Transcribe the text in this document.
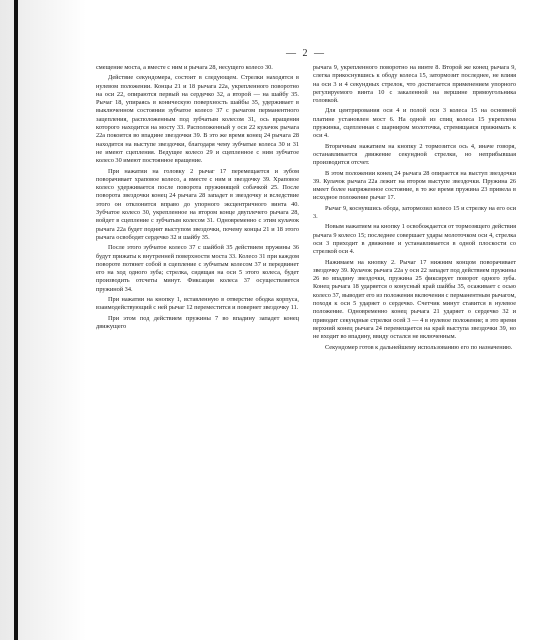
— 2 —

смещение моста, а вместе с ним и рычага 28, несущего колесо 30.

Действие секундомера, состоит в следующем. Стрелки находятся в нулевом положении. Концы 21 и 18 рычага 22а, укрепленного поворотно на оси 22, опираются первый на сердечко 32, а второй — на шайбу 35. Рычаг 18, упираясь в коническую поверхность шайбы 35, удерживает в выключенном состоянии зубчатое колесо 37 с рычагом перманентного зацепления, расположенным под зубчатым колесом 31, ось вращения которого находится на мосту 33. Расположенный у оси 22 кулачок рычага 22а покоится во впадине звездочки 39. В это же время конец 24 рычага 28 находится на выступе звездочки, благодаря чему зубчатые колеса 30 и 31 не имеют сцепления. Ведущее колесо 29 и сцепленное с ним зубчатое колесо 30 имеют постоянное вращение.

При нажатии на головку 2 рычаг 17 перемещается и зубом поворачивает храповое колесо, а вместе с ним и звездочку 39. Храповое колесо удерживается после поворота пружинящей собачкой 25. После поворота звездочки конец 24 рычага 28 западет в звездочку и вследствие этого он отклонится вправо до упорного эксцентричного винта 40. Зубчатое колесо 30, укрепленное на втором конце двуплечего рычага 28, войдет в сцепление с зубчатым колесом 31. Одновременно с этим кулачок рычага 22а будет поднят выступом звездочки, почему концы 21 и 18 этого рычага освободят сердечко 32 и шайбу 35.

После этого зубчатое колесо 37 с шайбой 35 действием пружины 36 будут прижаты к внутренней поверхности моста 33. Колесо 31 при каждом повороте потянет собой в сцепление с зубчатым колесом 37 и передвинет его на ход одного зуба; стрелка, сидящая на оси 5 этого колеса, будет производить отсчеты минут. Фиксация колеса 37 осуществляется пружиной 34.

При нажатии на кнопку 1, вставленную в отверстие ободка корпуса, взаимодействующий с ней рычаг 12 переместится и повернет звездочку 11.

При этом под действием пружины 7 во впадину западет конец движущего

рычага 9, укрепленного поворотно на винте 8. Второй же конец рычага 9, слегка прикоснувшись к ободу колеса 15, затормозит последнее, не влияя на оси 3 и 4 секундных стрелок, что достигается применением упорного регулируемого винта 10 с закаленной на вершине прямоугольника головкой.

Для центрирования оси 4 и полой оси 3 колеса 15 на основной платине установлен мост 6. На одной из спиц колеса 15 укреплена пружинка, сцепленная с шарниром молоточка, стремящаяся прижимать к оси 4.

Вторичным нажатием на кнопку 2 тормозится ось 4, иначе говоря, останавливается движение секундной стрелки, но неприбывшая производится отсчет.

В этом положении конец 24 рычага 28 опирается на выступ звездочки 39. Кулачок рычага 22а лежит на втором выступе звездочки. Пружина 26 имеет более напряженное состояние, в то же время пружина 23 привела в исходное положение рычаг 17.

Рычаг 9, коснувшись обода, затормозил колесо 15 и стрелку на его оси 3.

Новым нажатием на кнопку 1 освобождается от тормозящего действия рычага 9 колесо 15; последнее совершает удары молоточком оси 4, стрелка оси 3 приходит в движение и устанавливается в одной плоскости со стрелкой оси 4.

Нажимаем на кнопку 2. Рычаг 17 нижним концом поворачивает звездочку 39. Кулачок рычага 22а у оси 22 западет под действием пружины 26 во впадину звездочки, пружина 25 фиксирует поворот одного зуба. Конец рычага 18 ударяется о конусный край шайбы 35, осаживает с осью колесо 37, выводит его из положения включения с перманентным рычагом, походя к оси 5 ударяет о сердечко. Счетчик минут ставится в нулевое положение. Одновременно конец рычага 21 ударяет о сердечко 32 и приводит секундные стрелки осей 3 — 4 в нулевое положение; в это время верхний конец рычага 24 перемещается на край выступа звездочки 39, но не входит во впадину, ввиду остался не включенным.

Секундомер готов к дальнейшему использованию его по назначению.
